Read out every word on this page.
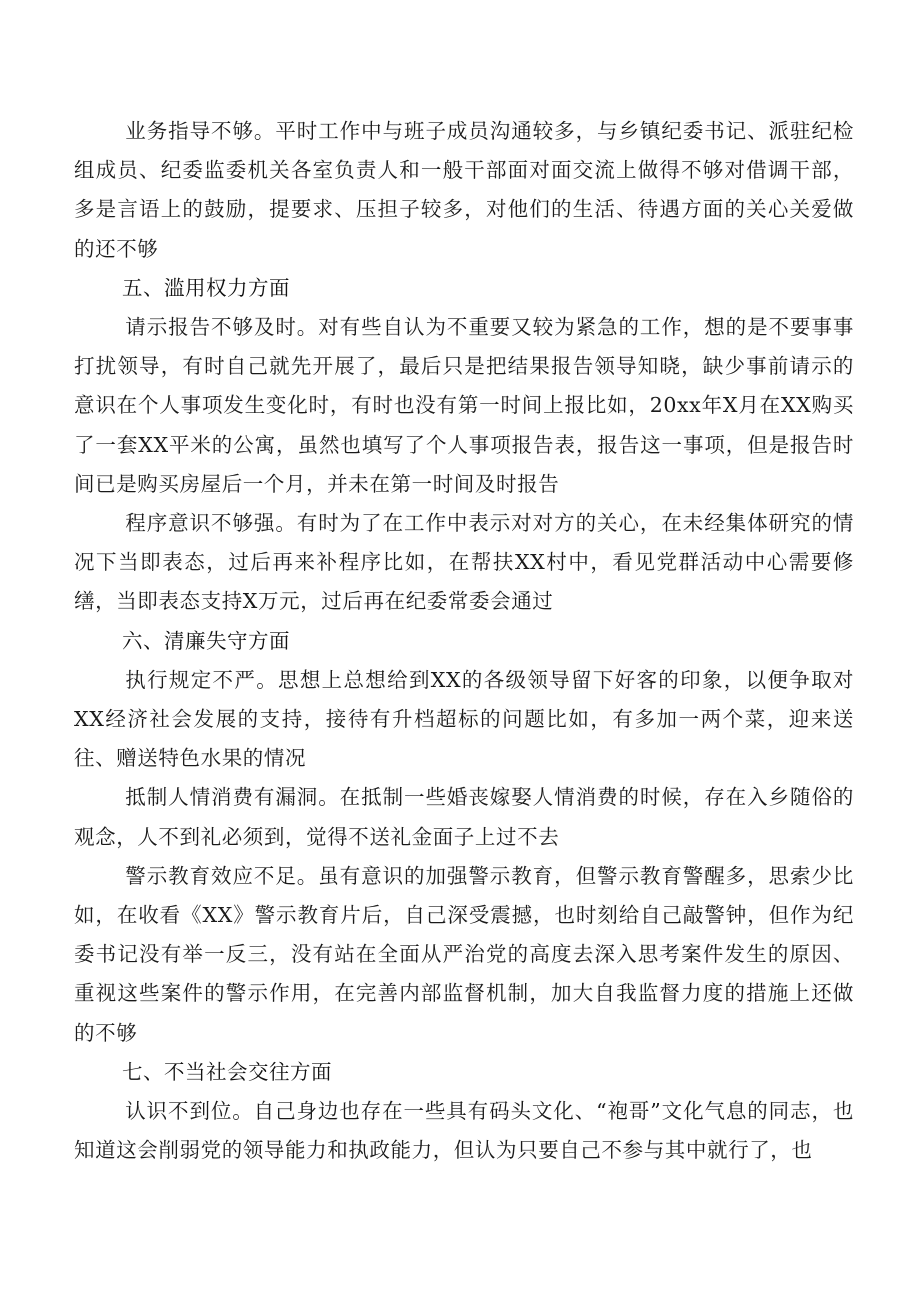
业务指导不够。平时工作中与班子成员沟通较多，与乡镇纪委书记、派驻纪检组成员、纪委监委机关各室负责人和一般干部面对面交流上做得不够对借调干部，多是言语上的鼓励，提要求、压担子较多，对他们的生活、待遇方面的关心关爱做的还不够

五、滥用权力方面

请示报告不够及时。对有些自认为不重要又较为紧急的工作，想的是不要事事打扰领导，有时自己就先开展了，最后只是把结果报告领导知晓，缺少事前请示的意识在个人事项发生变化时，有时也没有第一时间上报比如，20xx年X月在XX购买了一套XX平米的公寓，虽然也填写了个人事项报告表，报告这一事项，但是报告时间已是购买房屋后一个月，并未在第一时间及时报告

程序意识不够强。有时为了在工作中表示对对方的关心，在未经集体研究的情况下当即表态，过后再来补程序比如，在帮扶XX村中，看见党群活动中心需要修缮，当即表态支持X万元，过后再在纪委常委会通过

六、清廉失守方面

执行规定不严。思想上总想给到XX的各级领导留下好客的印象，以便争取对XX经济社会发展的支持，接待有升档超标的问题比如，有多加一两个菜，迎来送往、赠送特色水果的情况

抵制人情消费有漏洞。在抵制一些婚丧嫁娶人情消费的时候，存在入乡随俗的观念，人不到礼必须到，觉得不送礼金面子上过不去

警示教育效应不足。虽有意识的加强警示教育，但警示教育警醒多，思索少比如，在收看《XX》警示教育片后，自己深受震撼，也时刻给自己敲警钟，但作为纪委书记没有举一反三，没有站在全面从严治党的高度去深入思考案件发生的原因、重视这些案件的警示作用，在完善内部监督机制，加大自我监督力度的措施上还做的不够

七、不当社会交往方面

认识不到位。自己身边也存在一些具有码头文化、“袍哥”文化气息的同志，也知道这会削弱党的领导能力和执政能力，但认为只要自己不参与其中就行了，也
